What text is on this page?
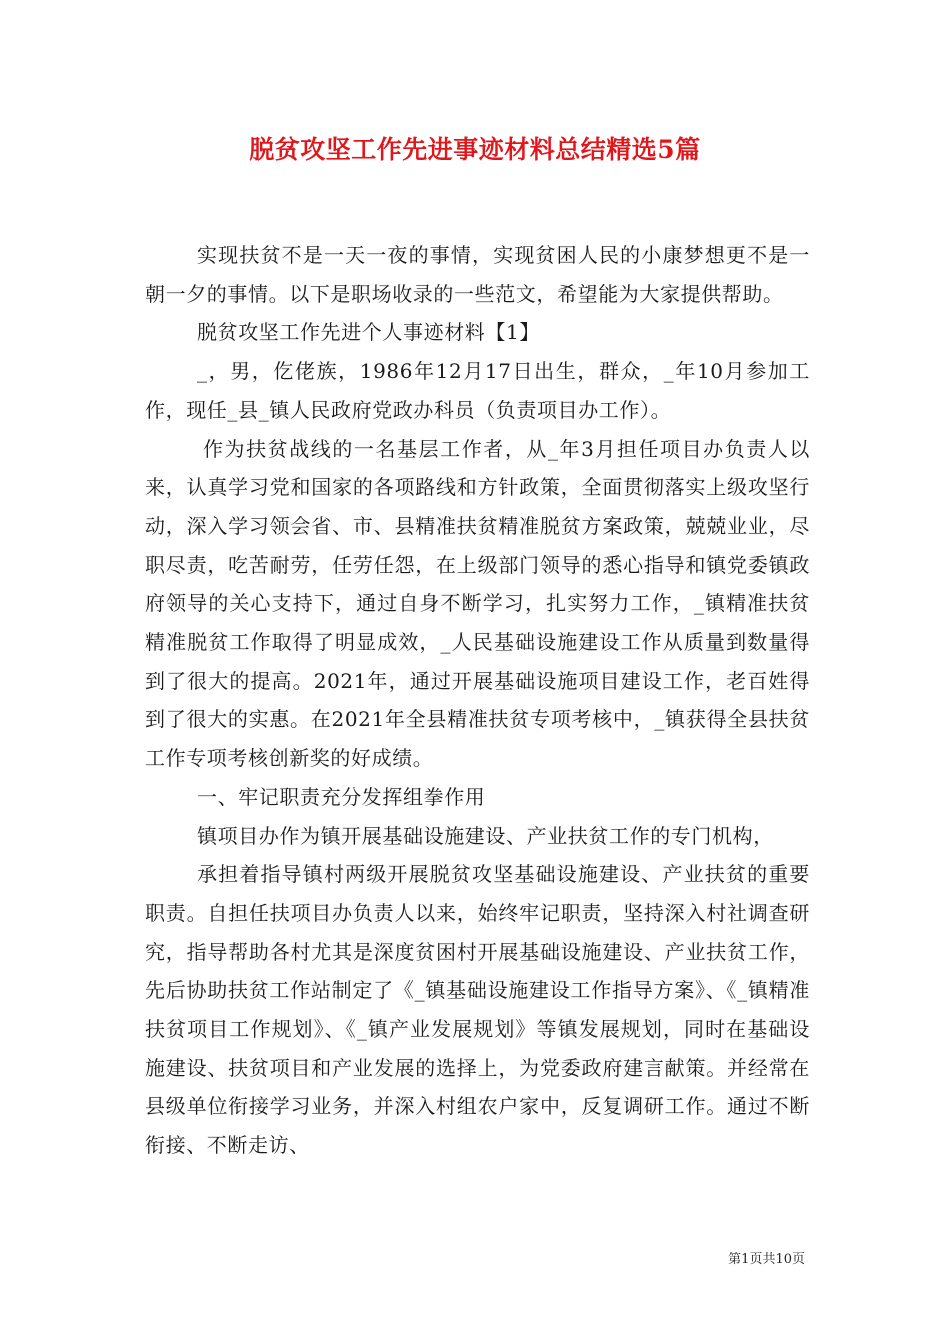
脱贫攻坚工作先进事迹材料总结精选5篇

实现扶贫不是一天一夜的事情，实现贫困人民的小康梦想更不是一朝一夕的事情。以下是职场收录的一些范文，希望能为大家提供帮助。

脱贫攻坚工作先进个人事迹材料【1】

_，男，仡佬族，1986年12月17日出生，群众，_年10月参加工作，现任_县_镇人民政府党政办科员（负责项目办工作）。

作为扶贫战线的一名基层工作者，从_年3月担任项目办负责人以来，认真学习党和国家的各项路线和方针政策，全面贯彻落实上级攻坚行动，深入学习领会省、市、县精准扶贫精准脱贫方案政策，兢兢业业，尽职尽责，吃苦耐劳，任劳任怨，在上级部门领导的悉心指导和镇党委镇政府领导的关心支持下，通过自身不断学习，扎实努力工作，_镇精准扶贫精准脱贫工作取得了明显成效，_人民基础设施建设工作从质量到数量得到了很大的提高。2021年，通过开展基础设施项目建设工作，老百姓得到了很大的实惠。在2021年全县精准扶贫专项考核中，_镇获得全县扶贫工作专项考核创新奖的好成绩。

一、牢记职责充分发挥组拳作用

镇项目办作为镇开展基础设施建设、产业扶贫工作的专门机构，

承担着指导镇村两级开展脱贫攻坚基础设施建设、产业扶贫的重要职责。自担任扶项目办负责人以来，始终牢记职责，坚持深入村社调查研究，指导帮助各村尤其是深度贫困村开展基础设施建设、产业扶贫工作，先后协助扶贫工作站制定了《_镇基础设施建设工作指导方案》、《_镇精准扶贫项目工作规划》、《_镇产业发展规划》等镇发展规划，同时在基础设施建设、扶贫项目和产业发展的选择上，为党委政府建言献策。并经常在县级单位衔接学习业务，并深入村组农户家中，反复调研工作。通过不断衔接、不断走访、

第1页共10页
